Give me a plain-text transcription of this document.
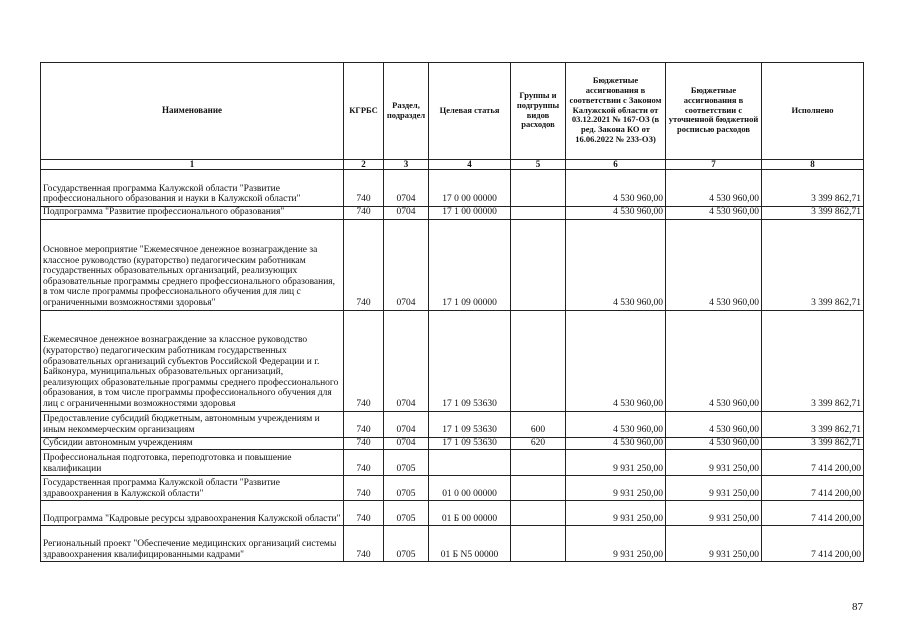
Наименование	КГРБС	Раздел, подраздел	Целевая статья	Группы и подгруппы видов расходов	Бюджетные ассигнования в соответствии с Законом Калужской области от 03.12.2021 № 167-ОЗ (в ред. Закона КО от 16.06.2022 № 233-ОЗ)	Бюджетные ассигнования в соответствии с уточненной бюджетной росписью расходов	Исполнено
1	2	3	4	5	6	7	8
Государственная программа Калужской области "Развитие профессионального образования и науки в Калужской области"	740	0704	17 0 00 00000		4 530 960,00	4 530 960,00	3 399 862,71
Подпрограмма "Развитие профессионального образования"	740	0704	17 1 00 00000		4 530 960,00	4 530 960,00	3 399 862,71
Основное мероприятие "Ежемесячное денежное вознаграждение за классное руководство (кураторство) педагогическим работникам государственных образовательных организаций, реализующих образовательные программы среднего профессионального образования, в том числе программы профессионального обучения для лиц с ограниченными возможностями здоровья"	740	0704	17 1 09 00000		4 530 960,00	4 530 960,00	3 399 862,71
Ежемесячное денежное вознаграждение за классное руководство (кураторство) педагогическим работникам государственных образовательных организаций субъектов Российской Федерации и г. Байконура, муниципальных образовательных организаций, реализующих образовательные программы среднего профессионального образования, в том числе программы профессионального обучения для лиц с ограниченными возможностями здоровья	740	0704	17 1 09 53630		4 530 960,00	4 530 960,00	3 399 862,71
Предоставление субсидий бюджетным, автономным учреждениям и иным некоммерческим организациям	740	0704	17 1 09 53630	600	4 530 960,00	4 530 960,00	3 399 862,71
Субсидии автономным учреждениям	740	0704	17 1 09 53630	620	4 530 960,00	4 530 960,00	3 399 862,71
Профессиональная подготовка, переподготовка и повышение квалификации	740	0705			9 931 250,00	9 931 250,00	7 414 200,00
Государственная программа Калужской области "Развитие здравоохранения в Калужской области"	740	0705	01 0 00 00000		9 931 250,00	9 931 250,00	7 414 200,00
Подпрограмма "Кадровые ресурсы здравоохранения Калужской области"	740	0705	01 Б 00 00000		9 931 250,00	9 931 250,00	7 414 200,00
Региональный проект "Обеспечение медицинских организаций системы здравоохранения квалифицированными кадрами"	740	0705	01 Б N5 00000		9 931 250,00	9 931 250,00	7 414 200,00
87
